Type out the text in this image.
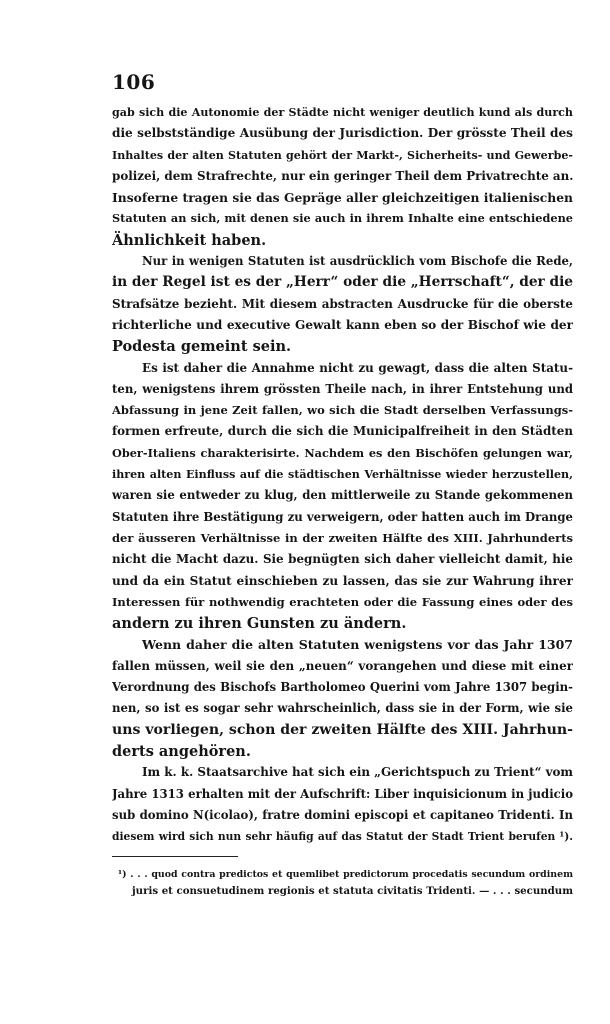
106
gab sich die Autonomie der Städte nicht weniger deutlich kund als durch
die selbstständige Ausübung der Jurisdiction. Der grösste Theil des
Inhaltes der alten Statuten gehört der Markt-, Sicherheits- und Gewerbe-
polizei, dem Strafrechte, nur ein geringer Theil dem Privatrechte an.
Insoferne tragen sie das Gepräge aller gleichzeitigen italienischen
Statuten an sich, mit denen sie auch in ihrem Inhalte eine entschiedene
Ähnlichkeit haben.
Nur in wenigen Statuten ist ausdrücklich vom Bischofe die Rede,
in der Regel ist es der „Herr“ oder die „Herrschaft“, der die
Strafsätze bezieht. Mit diesem abstracten Ausdrucke für die oberste
richterliche und executive Gewalt kann eben so der Bischof wie der
Podesta gemeint sein.
Es ist daher die Annahme nicht zu gewagt, dass die alten Statu-
ten, wenigstens ihrem grössten Theile nach, in ihrer Entstehung und
Abfassung in jene Zeit fallen, wo sich die Stadt derselben Verfassungs-
formen erfreute, durch die sich die Municipalfreiheit in den Städten
Ober-Italiens charakterisirte. Nachdem es den Bischöfen gelungen war,
ihren alten Einfluss auf die städtischen Verhältnisse wieder herzustellen,
waren sie entweder zu klug, den mittlerweile zu Stande gekommenen
Statuten ihre Bestätigung zu verweigern, oder hatten auch im Drange
der äusseren Verhältnisse in der zweiten Hälfte des XIII. Jahrhunderts
nicht die Macht dazu. Sie begnügten sich daher vielleicht damit, hie
und da ein Statut einschieben zu lassen, das sie zur Wahrung ihrer
Interessen für nothwendig erachteten oder die Fassung eines oder des
andern zu ihren Gunsten zu ändern.
Wenn daher die alten Statuten wenigstens vor das Jahr 1307
fallen müssen, weil sie den „neuen“ vorangehen und diese mit einer
Verordnung des Bischofs Bartholomeo Querini vom Jahre 1307 begin-
nen, so ist es sogar sehr wahrscheinlich, dass sie in der Form, wie sie
uns vorliegen, schon der zweiten Hälfte des XIII. Jahrhun-
derts angehören.
Im k. k. Staatsarchive hat sich ein „Gerichtspuch zu Trient“ vom
Jahre 1313 erhalten mit der Aufschrift: Liber inquisicionum in judicio
sub domino N(icolao), fratre domini episcopi et capitaneo Tridenti. In
diesem wird sich nun sehr häufig auf das Statut der Stadt Trient berufen ¹).
¹) . . . quod contra predictos et quemlibet predictorum procedatis secundum ordinem
juris et consuetudinem regionis et statuta civitatis Tridenti. — . . . secundum
